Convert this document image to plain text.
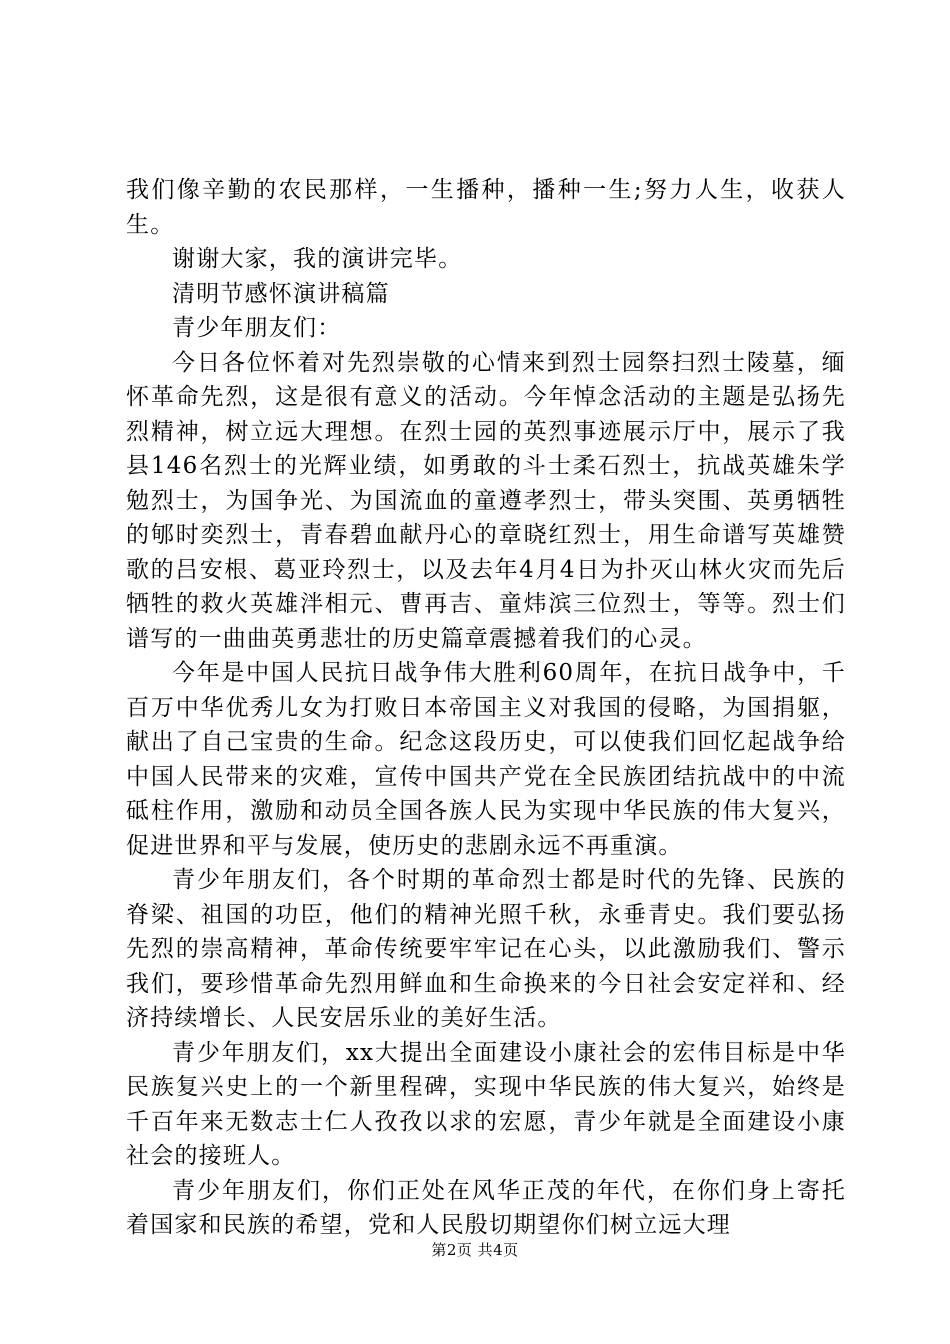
我们像辛勤的农民那样，一生播种，播种一生;努力人生，收获人生。

谢谢大家，我的演讲完毕。

清明节感怀演讲稿篇

青少年朋友们：

今日各位怀着对先烈崇敬的心情来到烈士园祭扫烈士陵墓，缅怀革命先烈，这是很有意义的活动。今年悼念活动的主题是弘扬先烈精神，树立远大理想。在烈士园的英烈事迹展示厅中，展示了我县146名烈士的光辉业绩，如勇敢的斗士柔石烈士，抗战英雄朱学勉烈士，为国争光、为国流血的童遵孝烈士，带头突围、英勇牺牲的郇时奕烈士，青春碧血献丹心的章晓红烈士，用生命谱写英雄赞歌的吕安根、葛亚玲烈士，以及去年4月4日为扑灭山林火灾而先后牺牲的救火英雄泮相元、曹再吉、童炜滨三位烈士，等等。烈士们谱写的一曲曲英勇悲壮的历史篇章震撼着我们的心灵。

今年是中国人民抗日战争伟大胜利60周年，在抗日战争中，千百万中华优秀儿女为打败日本帝国主义对我国的侵略，为国捐躯，献出了自己宝贵的生命。纪念这段历史，可以使我们回忆起战争给中国人民带来的灾难，宣传中国共产党在全民族团结抗战中的中流砥柱作用，激励和动员全国各族人民为实现中华民族的伟大复兴，促进世界和平与发展，使历史的悲剧永远不再重演。

青少年朋友们，各个时期的革命烈士都是时代的先锋、民族的脊梁、祖国的功臣，他们的精神光照千秋，永垂青史。我们要弘扬先烈的崇高精神，革命传统要牢牢记在心头，以此激励我们、警示我们，要珍惜革命先烈用鲜血和生命换来的今日社会安定祥和、经济持续增长、人民安居乐业的美好生活。

青少年朋友们，xx大提出全面建设小康社会的宏伟目标是中华民族复兴史上的一个新里程碑，实现中华民族的伟大复兴，始终是千百年来无数志士仁人孜孜以求的宏愿，青少年就是全面建设小康社会的接班人。

青少年朋友们，你们正处在风华正茂的年代，在你们身上寄托着国家和民族的希望，党和人民殷切期望你们树立远大理

第2页 共4页
